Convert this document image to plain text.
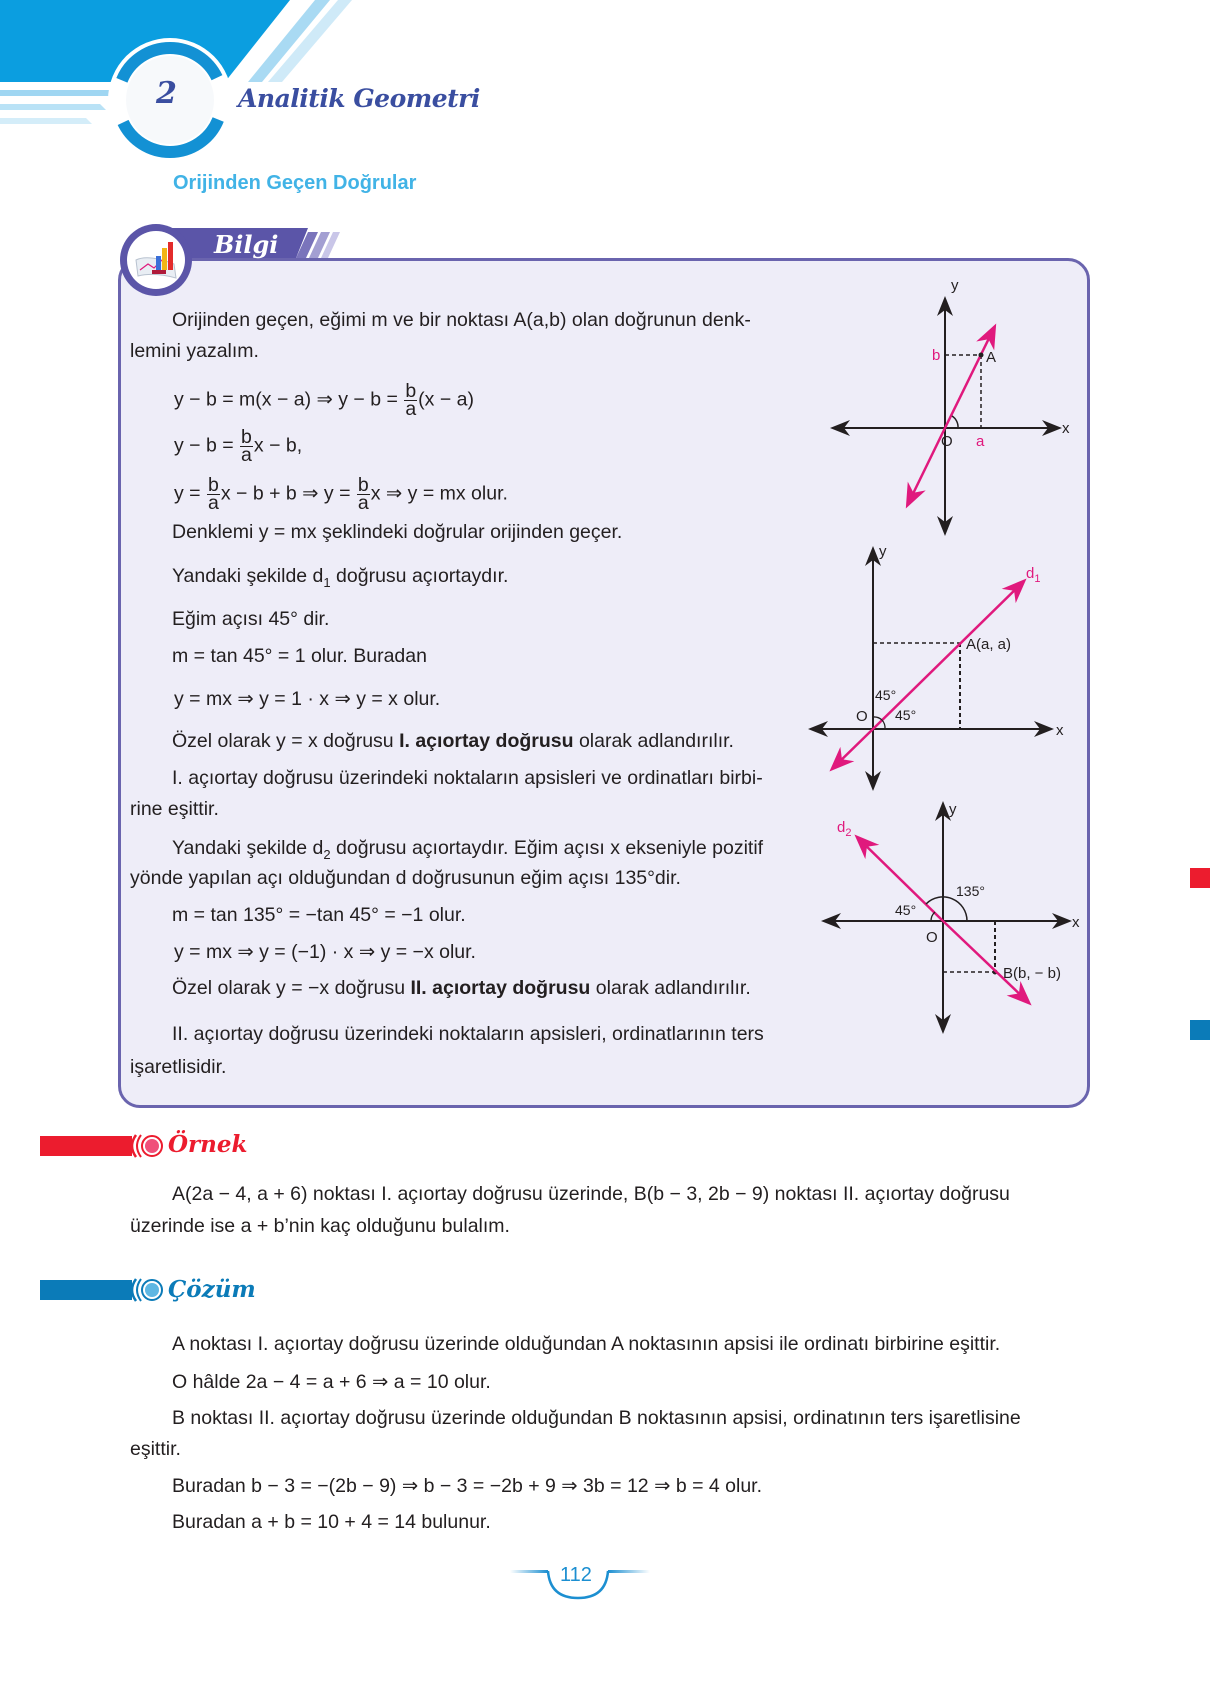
2 Analitik Geometri
Orijinden Geçen Doğrular
Bilgi
Orijinden geçen, eğimi m ve bir noktası A(a,b) olan doğrunun denk-
lemini yazalım.
y − b = m(x − a) ⇒ $y - b = \frac{b}{a} (x - a)$
$y - b = \frac{b}{a}$ x − b,
$y = \frac{b}{a}$ x − b + b ⇒ $y = \frac{b}{a}$ x ⇒ y = mx olur.
Denklemi y = mx şeklindeki doğrular orijinden geçer.
Yandaki şekilde $d_1$ doğrusu açıortaydır.
Eğim açısı 45° dir.
m = tan 45° = 1 olur. Buradan
y = mx ⇒ y = 1 · x ⇒ y = x olur.
Özel olarak y = x doğrusu I. açıortay doğrusu olarak adlandırılır.
I. açıortay doğrusu üzerindeki noktaların apsisleri ve ordinatları birbi-
rine eşittir.
Yandaki şekilde $d_2$ doğrusu açıortaydır. Eğim açısı x ekseniyle pozitif
yönde yapılan açı olduğundan d doğrusunun eğim açısı 135°dir.
m = tan 135° = −tan 45° = −1 olur.
y = mx ⇒ y = (−1) · x ⇒ y = −x olur.
Özel olarak y = −x doğrusu II. açıortay doğrusu olarak adlandırılır.
II. açıortay doğrusu üzerindeki noktaların apsisleri, ordinatlarının ters
işaretlisidir.
y
x
O
b
a
A
y
x
O
45°
45°
A(a, a)
$d_1$
y
x
O
45°
135°
B(b, − b)
$d_2$
Örnek
A(2a − 4, a + 6) noktası I. açıortay doğrusu üzerinde, B(b − 3, 2b − 9) noktası II. açıortay doğrusu
üzerinde ise a + b’nin kaç olduğunu bulalım.
Çözüm
A noktası I. açıortay doğrusu üzerinde olduğundan A noktasının apsisi ile ordinatı birbirine eşittir.
O hâlde 2a − 4 = a + 6 ⇒ a = 10 olur.
B noktası II. açıortay doğrusu üzerinde olduğundan B noktasının apsisi, ordinatının ters işaretlisine
eşittir.
Buradan b − 3 = −(2b − 9) ⇒ b − 3 = −2b + 9 ⇒ 3b = 12 ⇒ b = 4 olur.
Buradan a + b = 10 + 4 = 14 bulunur.
112
